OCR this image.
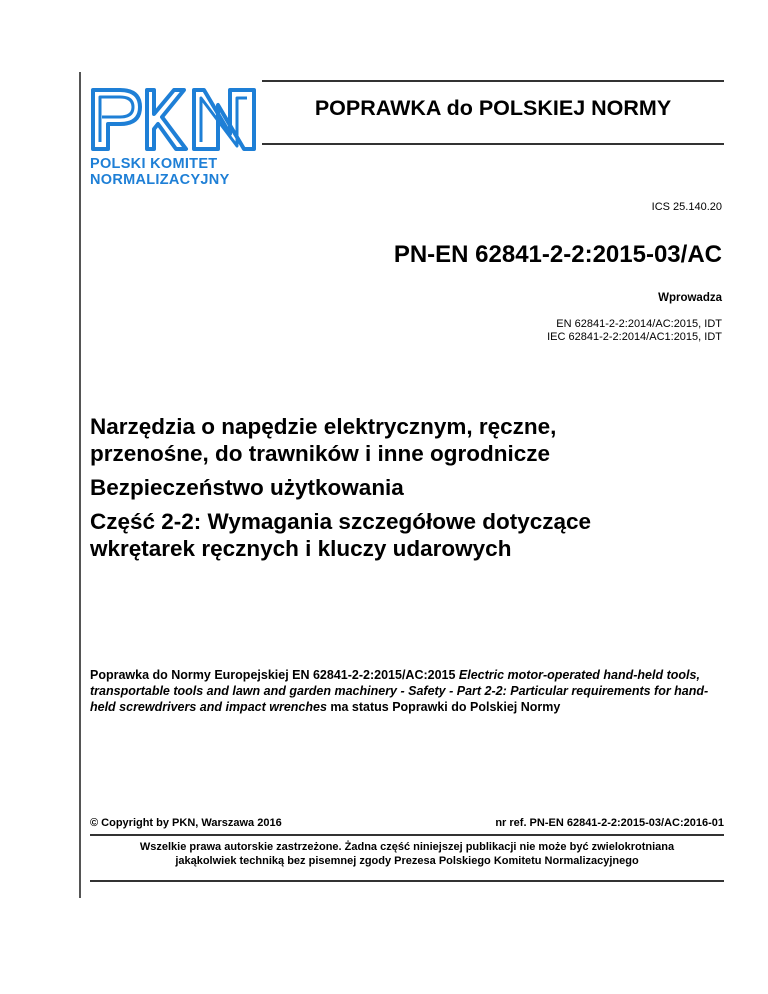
POLSKI KOMITET
NORMALIZACYJNY
POPRAWKA do POLSKIEJ NORMY
ICS 25.140.20
PN-EN 62841-2-2:2015-03/AC
Wprowadza
EN 62841-2-2:2014/AC:2015, IDT
IEC 62841-2-2:2014/AC1:2015, IDT
Narzędzia o napędzie elektrycznym, ręczne,
przenośne, do trawników i inne ogrodnicze
Bezpieczeństwo użytkowania
Część 2-2: Wymagania szczegółowe dotyczące
wkrętarek ręcznych i kluczy udarowych
Poprawka do Normy Europejskiej EN 62841-2-2:2015/AC:2015 Electric motor-operated hand-held tools, transportable tools and lawn and garden machinery - Safety - Part 2-2: Particular requirements for hand-held screwdrivers and impact wrenches ma status Poprawki do Polskiej Normy
© Copyright by PKN, Warszawa 2016	nr ref. PN-EN 62841-2-2:2015-03/AC:2016-01
Wszelkie prawa autorskie zastrzeżone. Żadna część niniejszej publikacji nie może być zwielokrotniana
jakąkolwiek techniką bez pisemnej zgody Prezesa Polskiego Komitetu Normalizacyjnego
